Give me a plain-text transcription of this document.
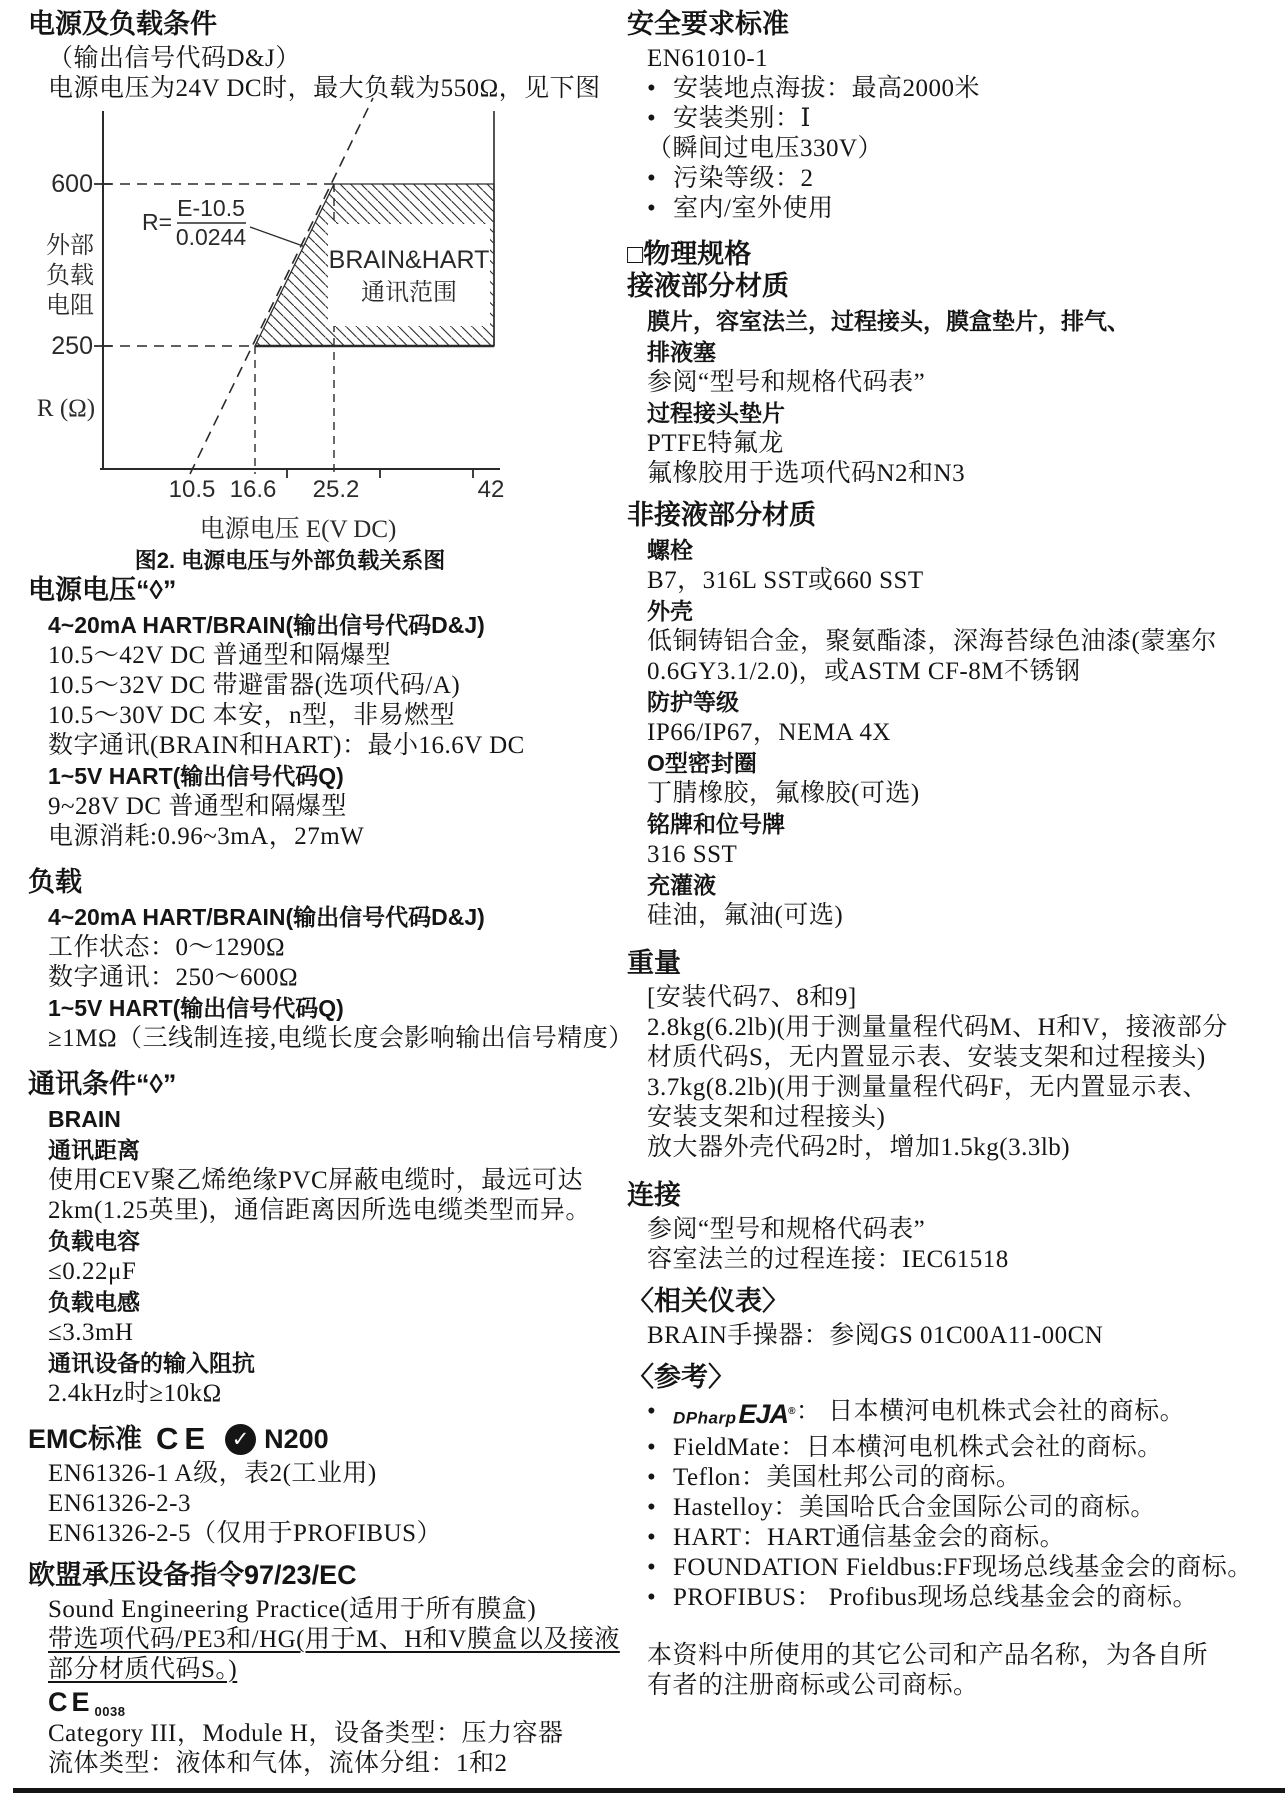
电源及负载条件
（输出信号代码D&J）
电源电压为24V DC时，最大负载为550Ω，见下图
BRAIN&HART
通讯范围
R=
E-10.5
0.0244
600
250
外部
负载
电阻
R (Ω)
10.5 16.6 25.2	42
电源电压 E(V DC)
图2. 电源电压与外部负载关系图
电源电压“◊”
4~20mA HART/BRAIN(输出信号代码D&J)
10.5～42V DC 普通型和隔爆型
10.5～32V DC 带避雷器(选项代码/A)
10.5～30V DC 本安，n型，非易燃型
数字通讯(BRAIN和HART)：最小16.6V DC
1~5V HART(输出信号代码Q)
9~28V DC 普通型和隔爆型
电源消耗:0.96~3mA，27mW
负载
4~20mA HART/BRAIN(输出信号代码D&J)
工作状态：0～1290Ω
数字通讯：250～600Ω
1~5V HART(输出信号代码Q)
≥1MΩ（三线制连接,电缆长度会影响输出信号精度）
通讯条件“◊”
BRAIN
通讯距离
使用CEV聚乙烯绝缘PVC屏蔽电缆时，最远可达
2km(1.25英里)，通信距离因所选电缆类型而异。
负载电容
≤0.22μF
负载电感
≤3.3mH
通讯设备的输入阻抗
2.4kHz时≥10kΩ
EMC标准 CE ✓ N200
EN61326-1 A级，表2(工业用)
EN61326-2-3
EN61326-2-5（仅用于PROFIBUS）
欧盟承压设备指令97/23/EC
Sound Engineering Practice(适用于所有膜盒)
带选项代码/PE3和/HG(用于M、H和V膜盒以及接液
部分材质代码S。)
$CE_{0038}$
Category III，Module H，设备类型：压力容器
流体类型：液体和气体，流体分组：1和2
安全要求标准
EN61010-1
• 安装地点海拔：最高2000米
• 安装类别：Ⅰ
（瞬间过电压330V）
• 污染等级：2
• 室内/室外使用
□物理规格
接液部分材质
膜片，容室法兰，过程接头，膜盒垫片，排气、
排液塞
参阅“型号和规格代码表”
过程接头垫片
PTFE特氟龙
氟橡胶用于选项代码N2和N3
非接液部分材质
螺栓
B7，316L SST或660 SST
外壳
低铜铸铝合金，聚氨酯漆，深海苔绿色油漆(蒙塞尔
0.6GY3.1/2.0)，或ASTM CF-8M不锈钢
防护等级
IP66/IP67，NEMA 4X
O型密封圈
丁腈橡胶，氟橡胶(可选)
铭牌和位号牌
316 SST
充灌液
硅油，氟油(可选)
重量
[安装代码7、8和9]
2.8kg(6.2lb)(用于测量量程代码M、H和V，接液部分
材质代码S，无内置显示表、安装支架和过程接头)
3.7kg(8.2lb)(用于测量量程代码F，无内置显示表、
安装支架和过程接头)
放大器外壳代码2时，增加1.5kg(3.3lb)
连接
参阅“型号和规格代码表”
容室法兰的过程连接：IEC61518
〈相关仪表〉
BRAIN手操器：参阅GS 01C00A11-00CN
〈参考〉
• DPharpEJA® ： 日本横河电机株式会社的商标。
• FieldMate：日本横河电机株式会社的商标。
• Teflon：美国杜邦公司的商标。
• Hastelloy：美国哈氏合金国际公司的商标。
• HART：HART通信基金会的商标。
• FOUNDATION Fieldbus:FF现场总线基金会的商标。
• PROFIBUS： Profibus现场总线基金会的商标。
本资料中所使用的其它公司和产品名称，为各自所
有者的注册商标或公司商标。
